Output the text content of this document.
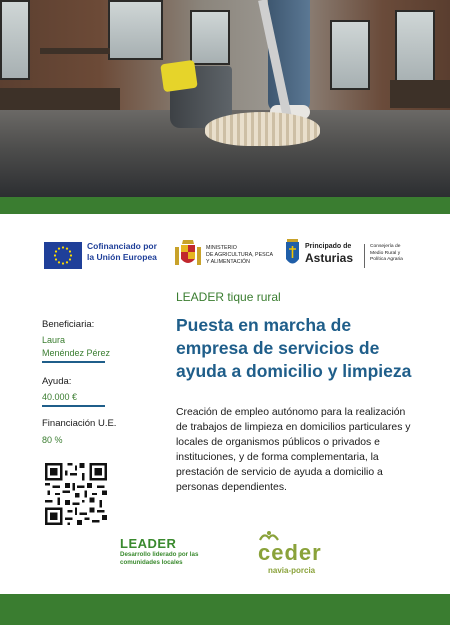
Cofinanciado por
la Unión Europea
MINISTERIO
DE AGRICULTURA, PESCA
Y ALIMENTACIÓN
Principado de
Asturias
Consejería de
Medio Rural y
Política Agraria
LEADER tique rural
Puesta en marcha de empresa de servicios de ayuda a domicilio y limpieza
Creación de empleo autónomo para la realización de trabajos de limpieza en domicilios particulares y locales de organismos públicos o privados e instituciones, y de forma complementaria, la prestación de servicio de ayuda a domicilio a personas dependientes.
Beneficiaria:
Laura
Menéndez Pérez
Ayuda:
40.000 €
Financiación U.E.
80 %
LEADER
Desarrollo liderado por las
comunidades locales	ceder
navia-porcia
